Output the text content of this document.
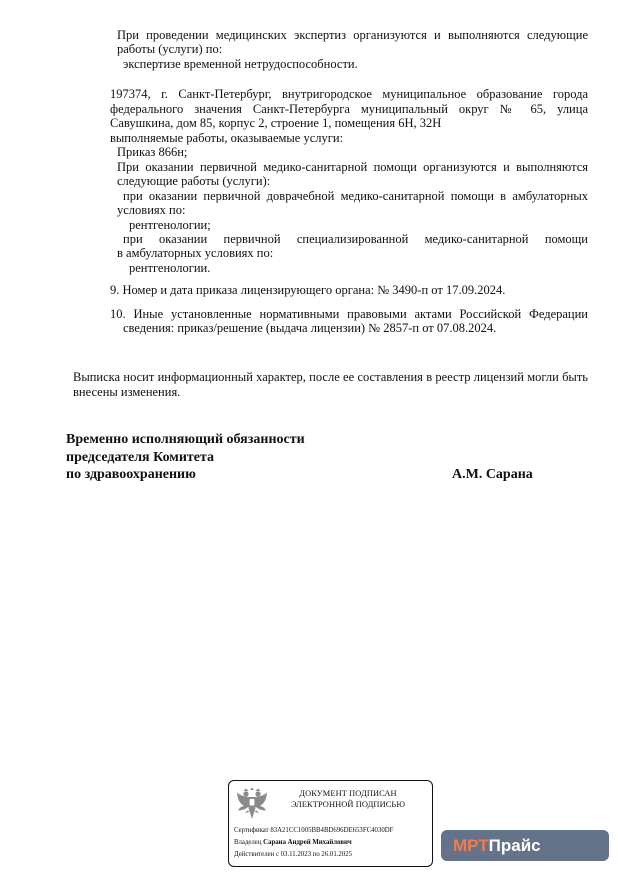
При проведении медицинских экспертиз организуются и выполняются следующие
работы (услуги) по:
экспертизе временной нетрудоспособности.
197374, г. Санкт-Петербург, внутригородское муниципальное образование города
федерального значения Санкт-Петербурга муниципальный округ № 65, улица
Савушкина, дом 85, корпус 2, строение 1, помещения 6Н, 32Н
выполняемые работы, оказываемые услуги:
Приказ 866н;
При оказании первичной медико-санитарной помощи организуются и выполняются
следующие работы (услуги):
при оказании первичной доврачебной медико-санитарной помощи в амбулаторных
условиях по:
рентгенологии;
при оказании первичной специализированной медико-санитарной помощи
в амбулаторных условиях по:
рентгенологии.
9. Номер и дата приказа лицензирующего органа: № 3490-п от 17.09.2024.
10. Иные установленные нормативными правовыми актами Российской Федерации
сведения: приказ/решение (выдача лицензии) № 2857-п от 07.08.2024.
Выписка носит информационный характер, после ее составления в реестр лицензий могли быть
внесены изменения.
Временно исполняющий обязанности
председателя Комитета
по здравоохранению	А.М. Сарана
ДОКУМЕНТ ПОДПИСАН
ЭЛЕКТРОННОЙ ПОДПИСЬЮ
Сертификат 83A21CC1005BB4BD696DE653FC4030DF
Владелец Сарана Андрей Михайлович
Действителен с 03.11.2023 по 26.01.2025	МРТПрайс
